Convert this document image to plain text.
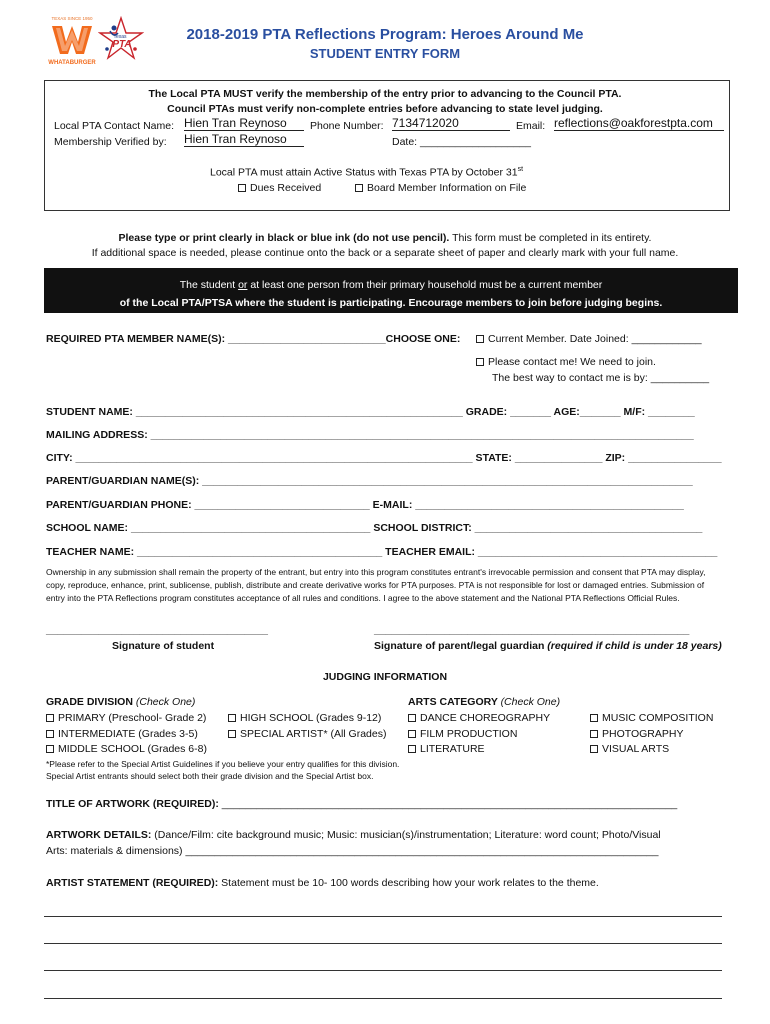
TEXAS SINCE 1950
WHATABURGER
Texas
PTA
2018-2019 PTA Reflections Program: Heroes Around Me
STUDENT ENTRY FORM
The Local PTA MUST verify the membership of the entry prior to advancing to the Council PTA.
Council PTAs must verify non-complete entries before advancing to state level judging.
Local PTA Contact Name: Hien Tran Reynoso	Phone Number: 7134712020	Email: reflections@oakforestpta.com
Membership Verified by: Hien Tran Reynoso	Date: ___________________
Local PTA must attain Active Status with Texas PTA by October 31st
Dues Received	Board Member Information on File
Please type or print clearly in black or blue ink (do not use pencil). This form must be completed in its entirety.
If additional space is needed, please continue onto the back or a separate sheet of paper and clearly mark with your full name.
The student or at least one person from their primary household must be a current member
of the Local PTA/PTSA where the student is participating. Encourage members to join before judging begins.
REQUIRED PTA MEMBER NAME(S): ___________________________CHOOSE ONE:	Current Member. Date Joined: ____________
Please contact me! We need to join.
The best way to contact me is by: __________
STUDENT NAME: ________________________________________________________ GRADE: _______ AGE:_______ M/F: ________
MAILING ADDRESS: _____________________________________________________________________________________________
CITY: ____________________________________________________________________ STATE: _______________ ZIP: ________________
PARENT/GUARDIAN NAME(S): ____________________________________________________________________________________
PARENT/GUARDIAN PHONE: ______________________________ E-MAIL: ______________________________________________
SCHOOL NAME: _________________________________________ SCHOOL DISTRICT: _______________________________________
TEACHER NAME: __________________________________________ TEACHER EMAIL: _________________________________________
Ownership in any submission shall remain the property of the entrant, but entry into this program constitutes entrant's irrevocable permission and consent that PTA may display,
copy, reproduce, enhance, print, sublicense, publish, distribute and create derivative works for PTA purposes. PTA is not responsible for lost or damaged entries. Submission of
entry into the PTA Reflections program constitutes acceptance of all rules and conditions. I agree to the above statement and the National PTA Reflections Official Rules.
______________________________________
Signature of student
______________________________________________________
Signature of parent/legal guardian (required if child is under 18 years)
JUDGING INFORMATION
GRADE DIVISION (Check One)	ARTS CATEGORY (Check One)
PRIMARY (Preschool- Grade 2)
INTERMEDIATE (Grades 3-5)
MIDDLE SCHOOL (Grades 6-8)
HIGH SCHOOL (Grades 9-12)
SPECIAL ARTIST* (All Grades)
DANCE CHOREOGRAPHY
FILM PRODUCTION
LITERATURE
MUSIC COMPOSITION
PHOTOGRAPHY
VISUAL ARTS
*Please refer to the Special Artist Guidelines if you believe your entry qualifies for this division.
Special Artist entrants should select both their grade division and the Special Artist box.
TITLE OF ARTWORK (REQUIRED): ______________________________________________________________________________
ARTWORK DETAILS: (Dance/Film: cite background music; Music: musician(s)/instrumentation; Literature: word count; Photo/Visual
Arts: materials & dimensions) _________________________________________________________________________________
ARTIST STATEMENT (REQUIRED): Statement must be 10- 100 words describing how your work relates to the theme.
